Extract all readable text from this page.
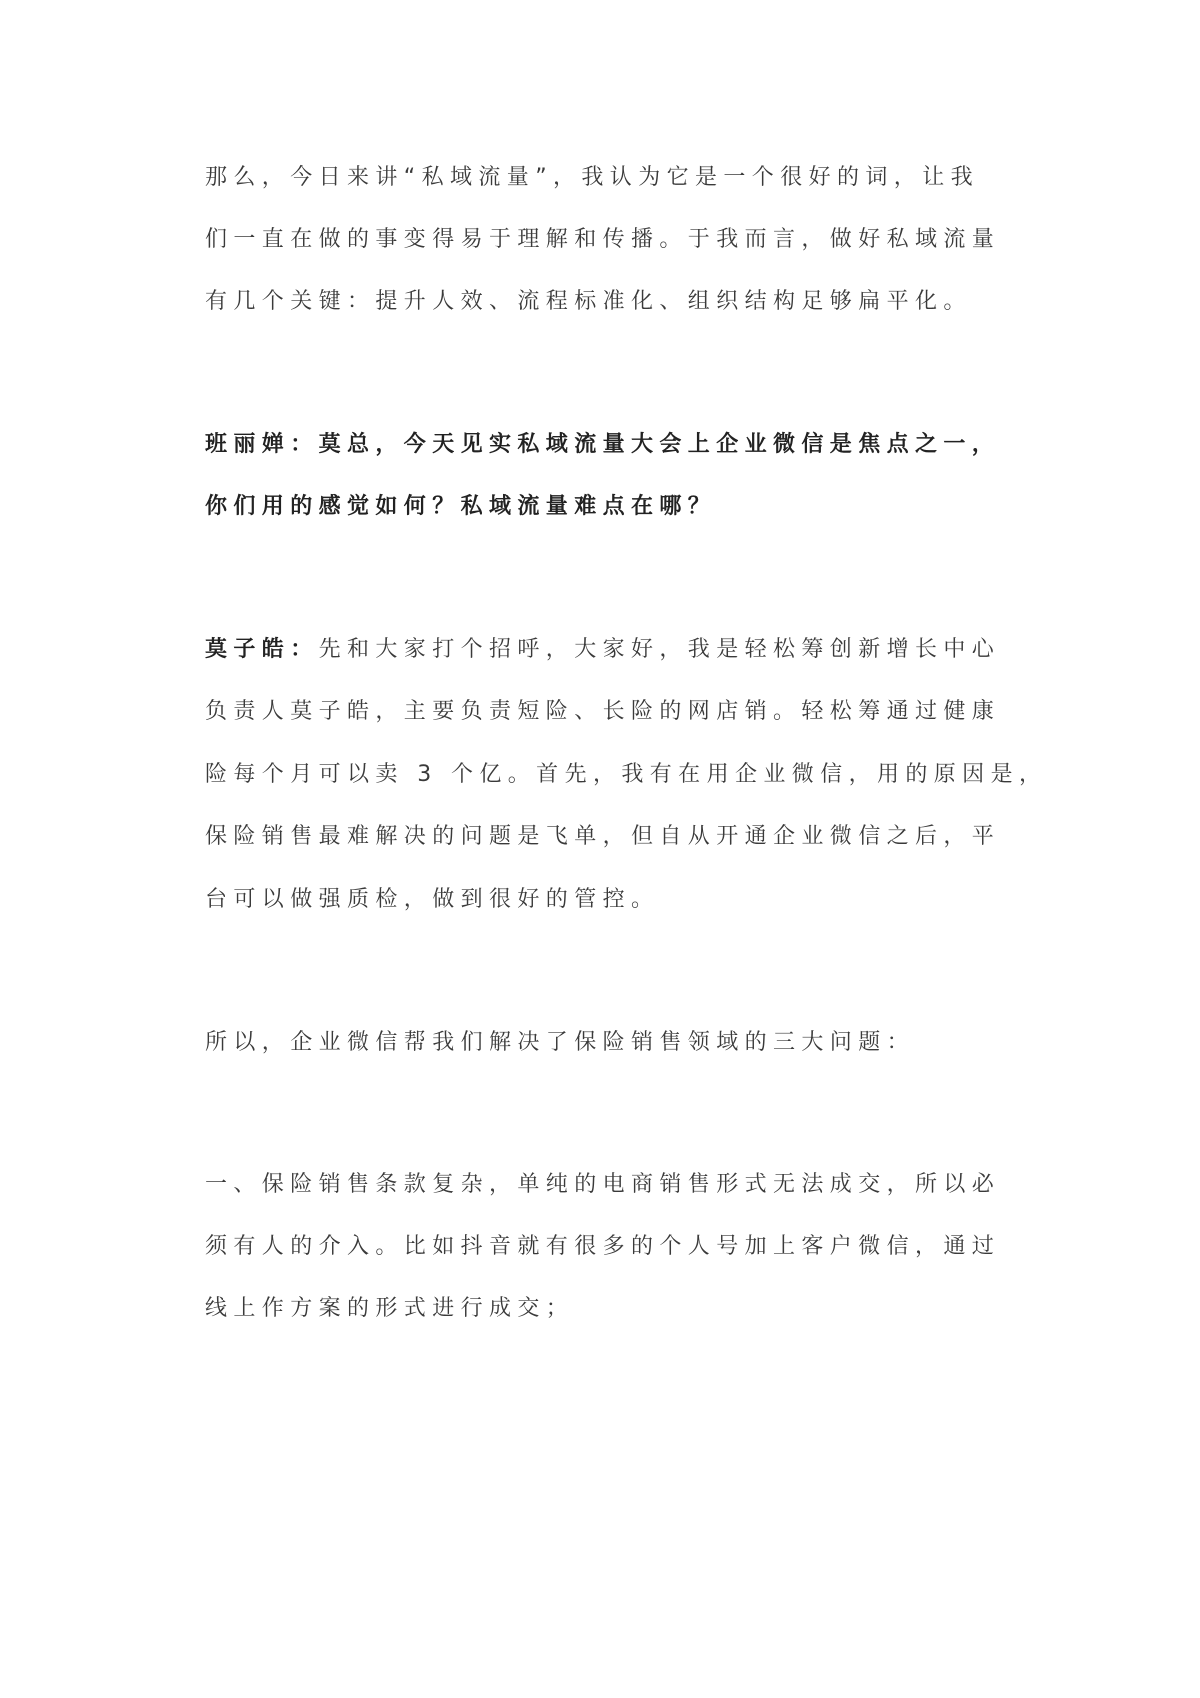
那么，今日来讲“私域流量”，我认为它是一个很好的词，让我
们一直在做的事变得易于理解和传播。于我而言，做好私域流量
有几个关键：提升人效、流程标准化、组织结构足够扁平化。
班丽婵：莫总，今天见实私域流量大会上企业微信是焦点之一，
你们用的感觉如何？私域流量难点在哪？
莫子皓：先和大家打个招呼，大家好，我是轻松筹创新增长中心
负责人莫子皓，主要负责短险、长险的网店销。轻松筹通过健康
险每个月可以卖 3 个亿。首先，我有在用企业微信，用的原因是，
保险销售最难解决的问题是飞单，但自从开通企业微信之后，平
台可以做强质检，做到很好的管控。
所以，企业微信帮我们解决了保险销售领域的三大问题：
一、保险销售条款复杂，单纯的电商销售形式无法成交，所以必
须有人的介入。比如抖音就有很多的个人号加上客户微信，通过
线上作方案的形式进行成交；
